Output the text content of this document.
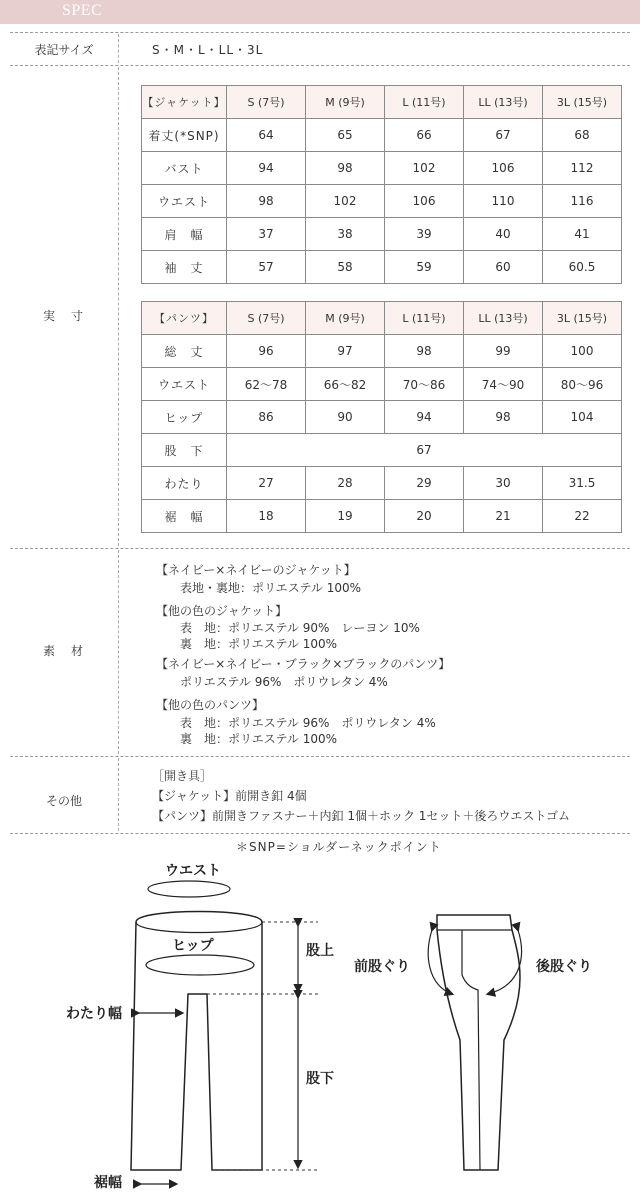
SPEC
表記サイズ	S・M・L・LL・3L
実　寸
【ジャケット】	S (7号)	M (9号)	L (11号)	LL (13号)	3L (15号)
着丈(*SNP)	64	65	66	67	68
バスト	94	98	102	106	112
ウエスト	98	102	106	110	116
肩　幅	37	38	39	40	41
袖　丈	57	58	59	60	60.5
【パンツ】	S (7号)	M (9号)	L (11号)	LL (13号)	3L (15号)
総　丈	96	97	98	99	100
ウエスト	62～78	66～82	70～86	74～90	80～96
ヒップ	86	90	94	98	104
股　下	67				
わたり	27	28	29	30	31.5
裾　幅	18	19	20	21	22
素　材
【ネイビー×ネイビーのジャケット】
　　表地・裏地：ポリエステル 100%
【他の色のジャケット】
　　表　地：ポリエステル 90%　レーヨン 10%
　　裏　地：ポリエステル 100%
【ネイビー×ネイビー・ブラック×ブラックのパンツ】
　　ポリエステル 96%　ポリウレタン 4%
【他の色のパンツ】
　　表　地：ポリエステル 96%　ポリウレタン 4%
　　裏　地：ポリエステル 100%
その他
［開き具］
【ジャケット】前開き釦 4個
【パンツ】前開きファスナー＋内釦 1個＋ホック 1セット＋後ろウエストゴム
＊SNP=ショルダーネックポイント
ウエスト
ヒップ	股上
わたり幅
股下
裾幅
前股ぐり	後股ぐり
